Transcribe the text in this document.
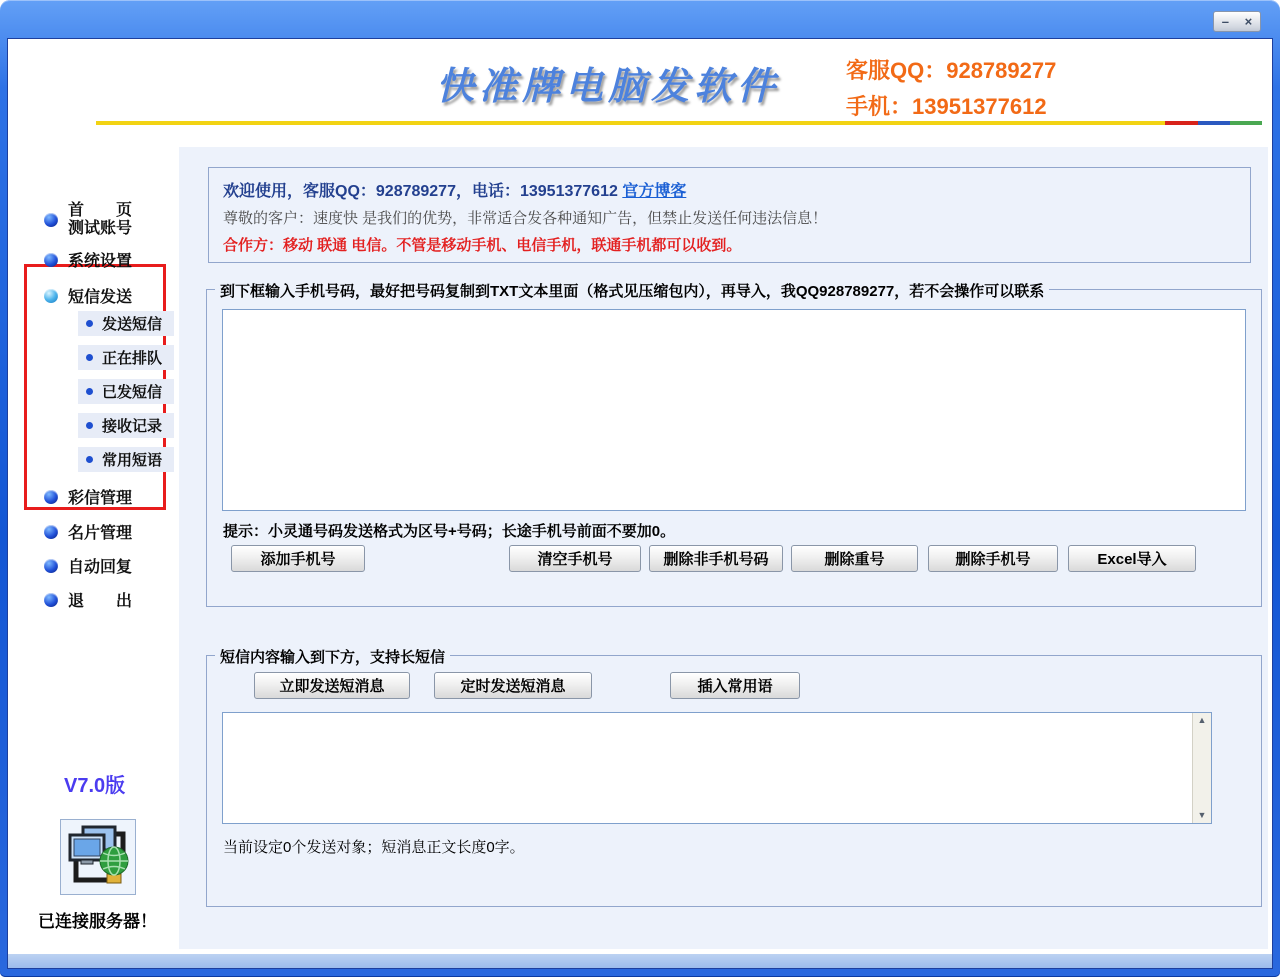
– ×
快准牌电脑发软件	客服QQ：928789277
手机：13951377612
首　　页
测试账号
系统设置
短信发送
发送短信
正在排队
已发短信
接收记录
常用短语
彩信管理
名片管理
自动回复
退　　出
V7.0版
已连接服务器！
欢迎使用，客服QQ：928789277，电话：13951377612 官方博客
尊敬的客户：速度快 是我们的优势，非常适合发各种通知广告，但禁止发送任何违法信息！
合作方：移动 联通 电信。不管是移动手机、电信手机，联通手机都可以收到。
到下框输入手机号码，最好把号码复制到TXT文本里面（格式见压缩包内），再导入，我QQ928789277，若不会操作可以联系
提示：小灵通号码发送格式为区号+号码；长途手机号前面不要加0。
添加手机号	清空手机号	删除非手机号码	删除重号	删除手机号	Excel导入
短信内容输入到下方，支持长短信
立即发送短消息	定时发送短消息	插入常用语
▲
▼
当前设定0个发送对象；短消息正文长度0字。
